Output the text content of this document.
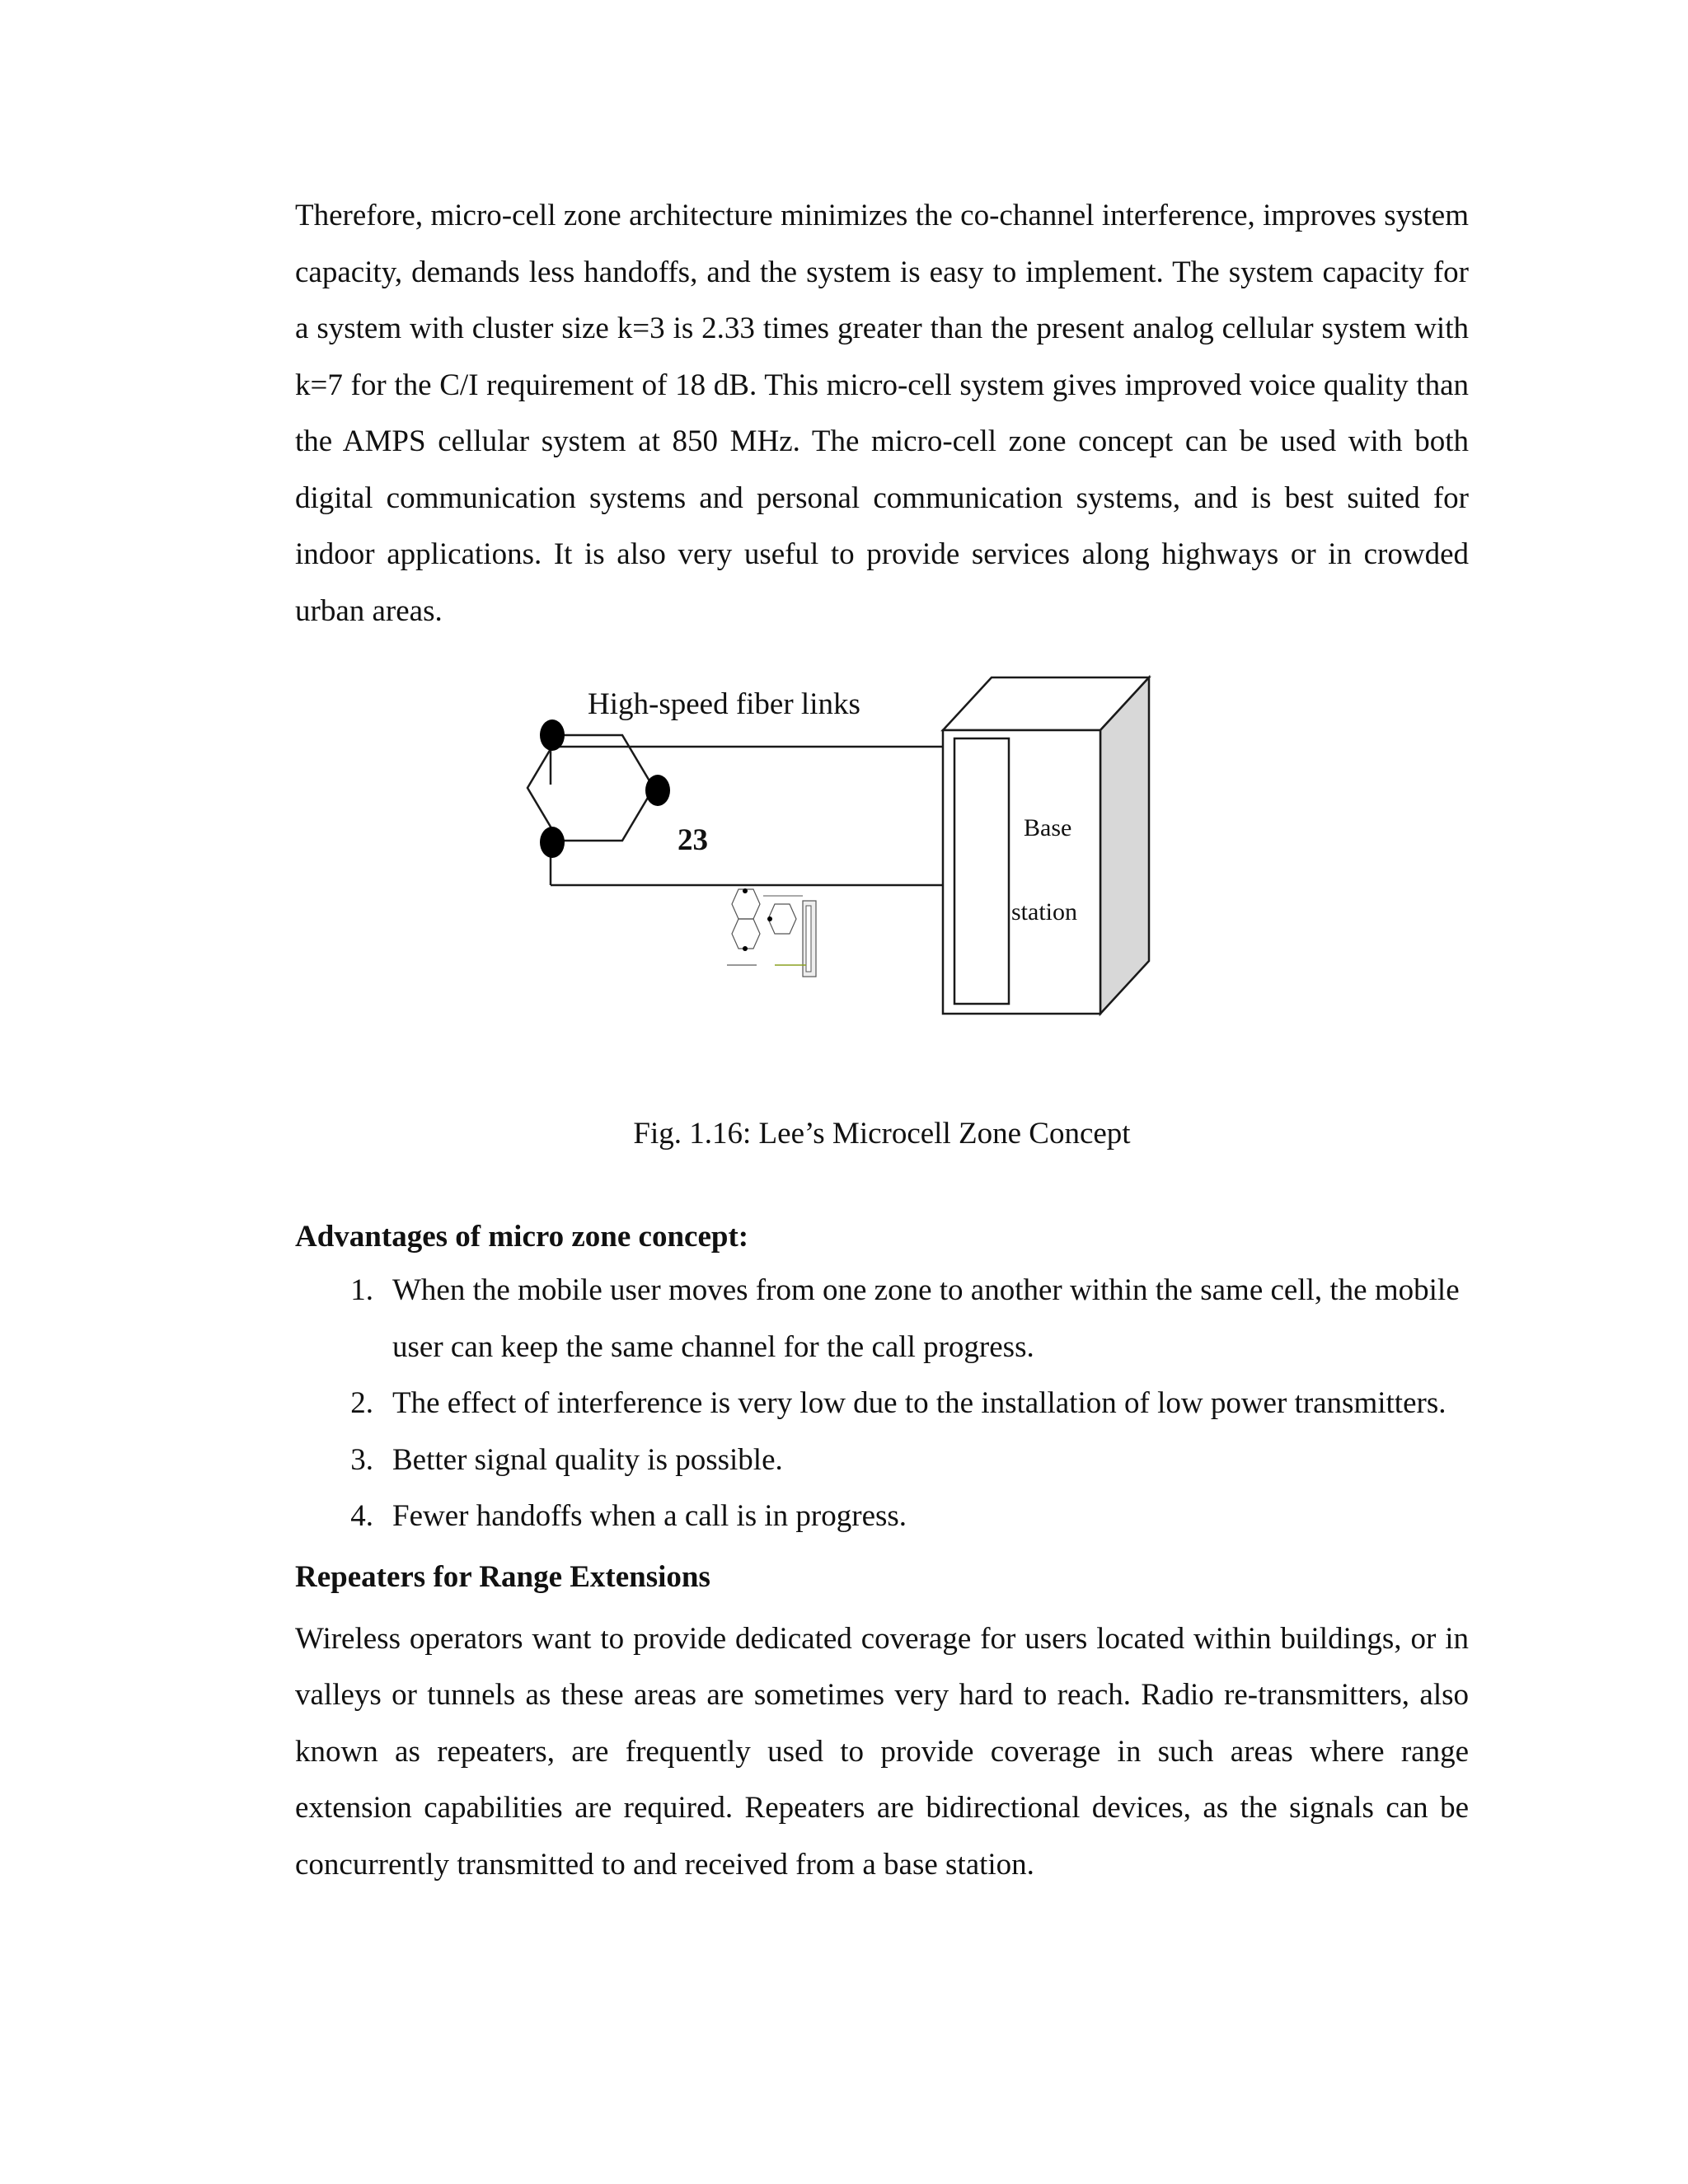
Therefore, micro-cell zone architecture minimizes the co-channel interference, improves system capacity, demands less handoffs, and the system is easy to implement. The system capacity for a system with cluster size k=3 is 2.33 times greater than the present analog cellular system with k=7 for the C/I requirement of 18 dB. This micro-cell system gives improved voice quality than the AMPS cellular system at 850 MHz. The micro-cell zone concept can be used with both digital communication systems and personal communication systems, and is best suited for indoor applications. It is also very useful to provide services along highways or in crowded urban areas.

23
High-speed fiber links
Base
station

Fig. 1.16: Lee’s Microcell Zone Concept

Advantages of micro zone concept:
1. When the mobile user moves from one zone to another within the same cell, the mobile user can keep the same channel for the call progress.
2. The effect of interference is very low due to the installation of low power transmitters.
3. Better signal quality is possible.
4. Fewer handoffs when a call is in progress.
Repeaters for Range Extensions

Wireless operators want to provide dedicated coverage for users located within buildings, or in valleys or tunnels as these areas are sometimes very hard to reach. Radio re-transmitters, also known as repeaters, are frequently used to provide coverage in such areas where range extension capabilities are required. Repeaters are bidirectional devices, as the signals can be concurrently transmitted to and received from a base station.
